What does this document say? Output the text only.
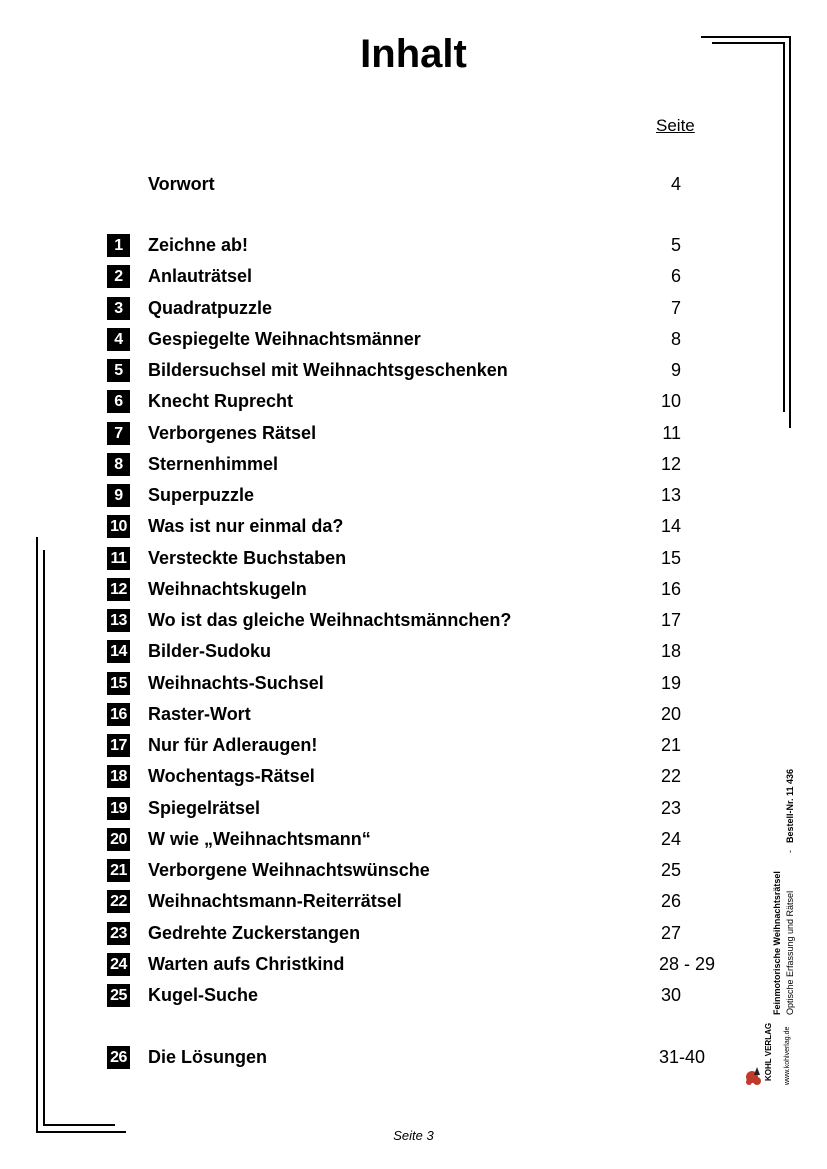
Inhalt
Seite
Vorwort	4
1	Zeichne ab!	5
2	Anlauträtsel	6
3	Quadratpuzzle	7
4	Gespiegelte Weihnachtsmänner	8
5	Bildersuchsel mit Weihnachtsgeschenken	9
6	Knecht Ruprecht	10
7	Verborgenes Rätsel	11
8	Sternenhimmel	12
9	Superpuzzle	13
10 Was ist nur einmal da?	14
11 Versteckte Buchstaben	15
12 Weihnachtskugeln	16
13 Wo ist das gleiche Weihnachtsmännchen?	17
14 Bilder-Sudoku	18
15 Weihnachts-Suchsel	19
16 Raster-Wort	20
17 Nur für Adleraugen!	21
18 Wochentags-Rätsel	22
19 Spiegelrätsel	23
20 W wie „Weihnachtsmann“	24
21 Verborgene Weihnachtswünsche	25
22 Weihnachtsmann-Reiterrätsel	26
23 Gedrehte Zuckerstangen	27
24 Warten aufs Christkind	28 - 29
25 Kugel-Suche	30
26 Die Lösungen	31-40
Feinmotorische Weihnachtsrätsel Optische Erfassung und Rätsel
-
Bestell-Nr. 11 436
KOHL VERLAG www.kohlverlag.de
Seite 3
